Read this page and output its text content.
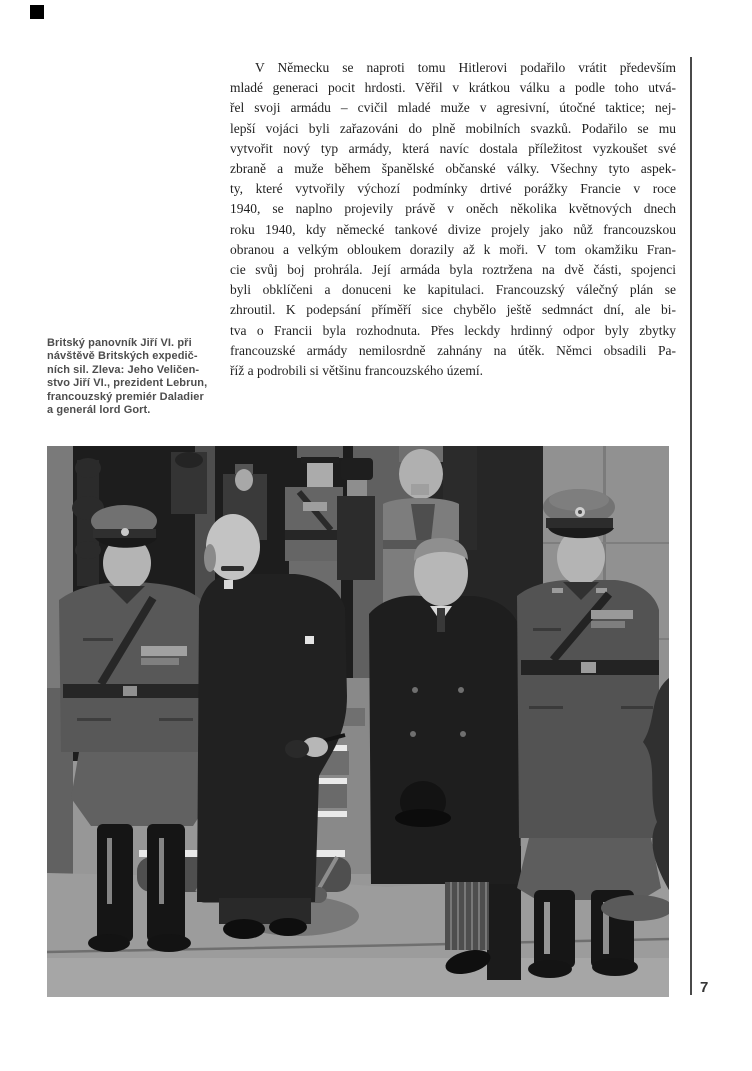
V Německu se naproti tomu Hitlerovi podařilo vrátit především
mladé generaci pocit hrdosti. Věřil v krátkou válku a podle toho utvá-
řel svoji armádu – cvičil mladé muže v agresivní, útočné taktice; nej-
lepší vojáci byli zařazováni do plně mobilních svazků. Podařilo se mu
vytvořit nový typ armády, která navíc dostala příležitost vyzkoušet své
zbraně a muže během španělské občanské války. Všechny tyto aspek-
ty, které vytvořily výchozí podmínky drtivé porážky Francie v roce
1940, se naplno projevily právě v oněch několika květnových dnech
roku 1940, kdy německé tankové divize projely jako nůž francouzskou
obranou a velkým obloukem dorazily až k moři. V tom okamžiku Fran-
cie svůj boj prohrála. Její armáda byla roztržena na dvě části, spojenci
byli obklíčeni a donuceni ke kapitulaci. Francouzský válečný plán se
zhroutil. K podepsání příměří sice chybělo ještě sedmnáct dní, ale bi-
tva o Francii byla rozhodnuta. Přes leckdy hrdinný odpor byly zbytky
francouzské armády nemilosrdně zahnány na útěk. Němci obsadili Pa-
říž a podrobili si většinu francouzského území.
Britský panovník Jiří VI. při
návštěvě Britských expedič-
ních sil. Zleva: Jeho Veličen-
stvo Jiří VI., prezident Lebrun,
francouzský premiér Daladier
a generál lord Gort.
7
